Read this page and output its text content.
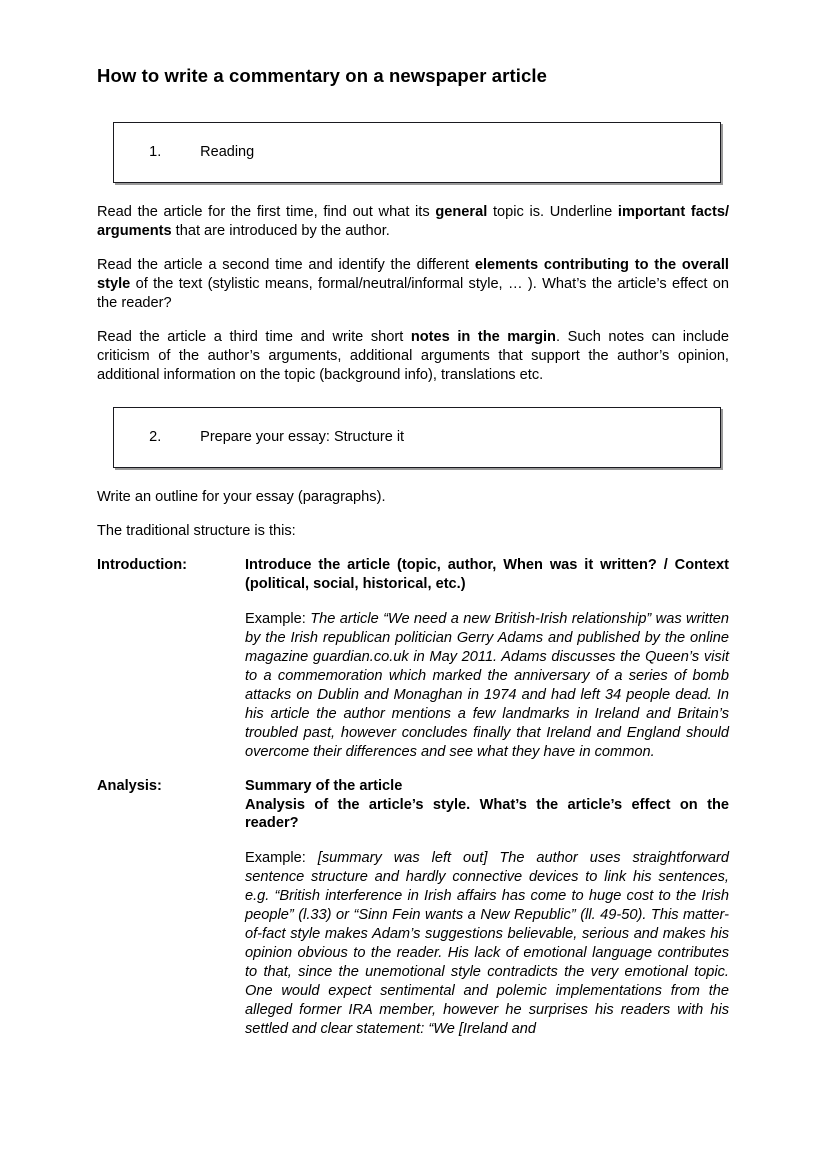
How to write a commentary on a newspaper article

1.	Reading

Read the article for the first time, find out what its general topic is. Underline important facts/ arguments that are introduced by the author.

Read the article a second time and identify the different elements contributing to the overall style of the text (stylistic means, formal/neutral/informal style, … ). What’s the article’s effect on the reader?

Read the article a third time and write short notes in the margin. Such notes can include criticism of the author’s arguments, additional arguments that support the author’s opinion, additional information on the topic (background info), translations etc.

2.	Prepare your essay: Structure it

Write an outline for your essay (paragraphs).

The traditional structure is this:

Introduction:	Introduce the article (topic, author, When was it written? / Context (political, social, historical, etc.)

Example: The article “We need a new British-Irish relationship” was written by the Irish republican politician Gerry Adams and published by the online magazine guardian.co.uk in May 2011. Adams discusses the Queen’s visit to a commemoration which marked the anniversary of a series of bomb attacks on Dublin and Monaghan in 1974 and had left 34 people dead. In his article the author mentions a few landmarks in Ireland and Britain’s troubled past, however concludes finally that Ireland and England should overcome their differences and see what they have in common.

Analysis:	Summary of the article

Analysis of the article’s style. What’s the article’s effect on the reader?

Example: [summary was left out] The author uses straightforward sentence structure and hardly connective devices to link his sentences, e.g. “British interference in Irish affairs has come to huge cost to the Irish people” (l.33) or “Sinn Fein wants a New Republic” (ll. 49-50). This matter-of-fact style makes Adam’s suggestions believable, serious and makes his opinion obvious to the reader. His lack of emotional language contributes to that, since the unemotional style contradicts the very emotional topic. One would expect sentimental and polemic implementations from the alleged former IRA member, however he surprises his readers with his settled and clear statement: “We [Ireland and
